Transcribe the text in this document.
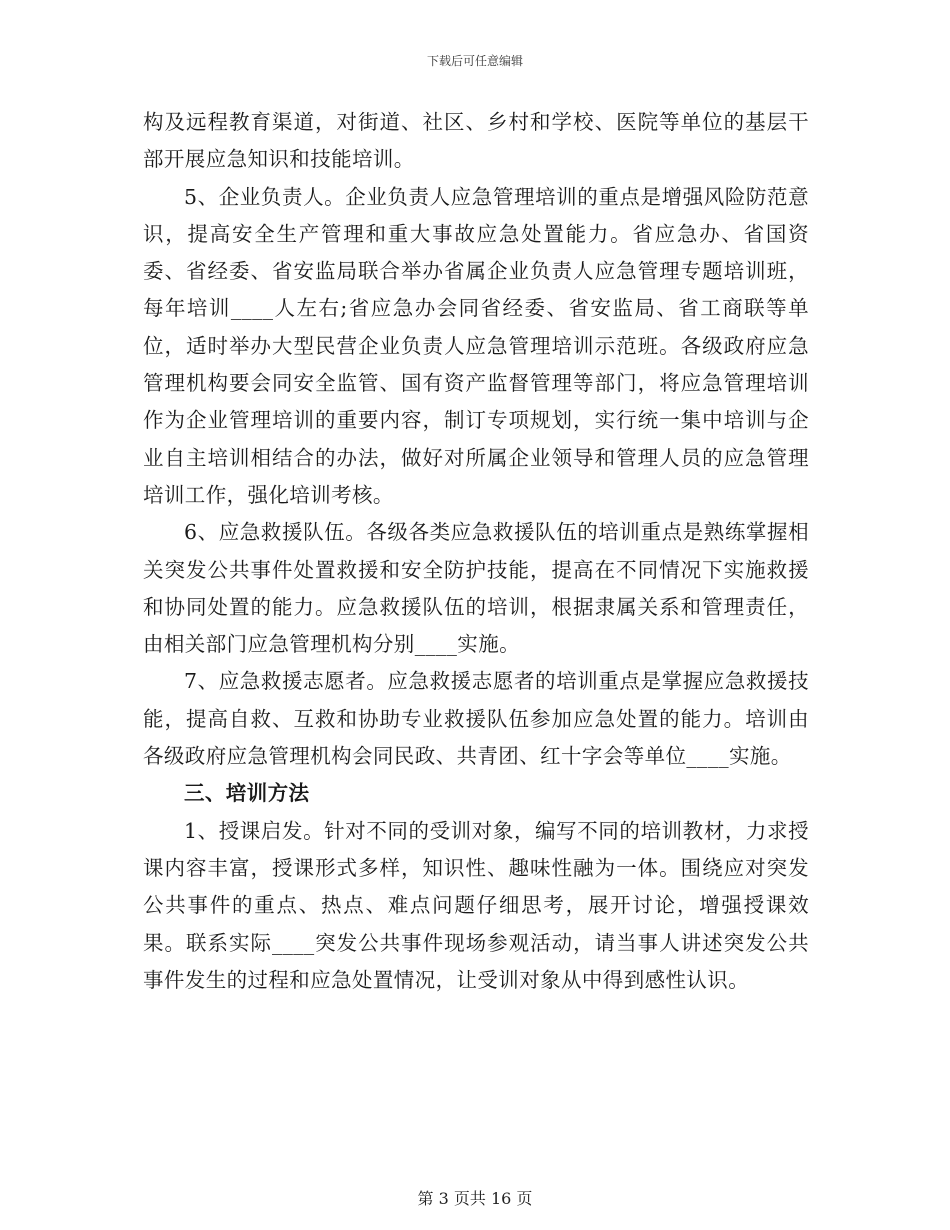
下载后可任意编辑

构及远程教育渠道，对街道、社区、乡村和学校、医院等单位的基层干部开展应急知识和技能培训。

5、企业负责人。企业负责人应急管理培训的重点是增强风险防范意识，提高安全生产管理和重大事故应急处置能力。省应急办、省国资委、省经委、省安监局联合举办省属企业负责人应急管理专题培训班，每年培训____人左右;省应急办会同省经委、省安监局、省工商联等单位，适时举办大型民营企业负责人应急管理培训示范班。各级政府应急管理机构要会同安全监管、国有资产监督管理等部门，将应急管理培训作为企业管理培训的重要内容，制订专项规划，实行统一集中培训与企业自主培训相结合的办法，做好对所属企业领导和管理人员的应急管理培训工作，强化培训考核。

6、应急救援队伍。各级各类应急救援队伍的培训重点是熟练掌握相关突发公共事件处置救援和安全防护技能，提高在不同情况下实施救援和协同处置的能力。应急救援队伍的培训，根据隶属关系和管理责任，由相关部门应急管理机构分别____实施。

7、应急救援志愿者。应急救援志愿者的培训重点是掌握应急救援技能，提高自救、互救和协助专业救援队伍参加应急处置的能力。培训由各级政府应急管理机构会同民政、共青团、红十字会等单位____实施。

三、培训方法

1、授课启发。针对不同的受训对象，编写不同的培训教材，力求授课内容丰富，授课形式多样，知识性、趣味性融为一体。围绕应对突发公共事件的重点、热点、难点问题仔细思考，展开讨论，增强授课效果。联系实际____突发公共事件现场参观活动，请当事人讲述突发公共事件发生的过程和应急处置情况，让受训对象从中得到感性认识。

第 3 页共 16 页
